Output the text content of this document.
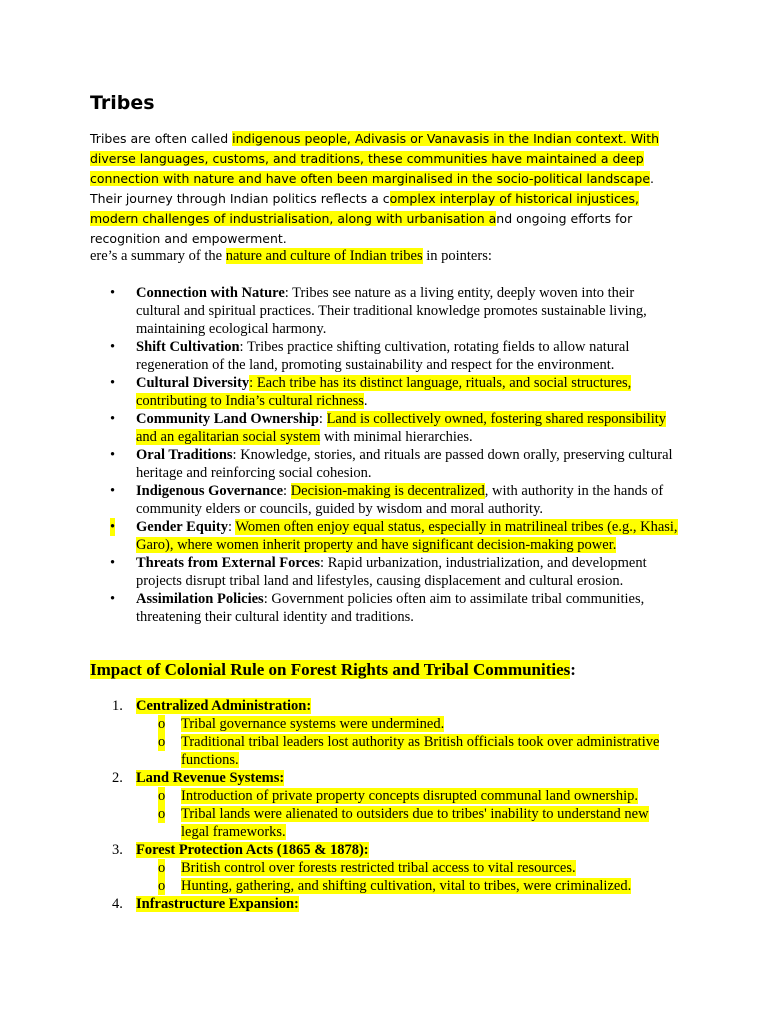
Tribes

Tribes are often called indigenous people, Adivasis or Vanavasis in the Indian context. With diverse languages, customs, and traditions, these communities have maintained a deep connection with nature and have often been marginalised in the socio-political landscape. Their journey through Indian politics reflects a complex interplay of historical injustices, modern challenges of industrialisation, along with urbanisation and ongoing efforts for recognition and empowerment.

ere’s a summary of the nature and culture of Indian tribes in pointers:

• Connection with Nature: Tribes see nature as a living entity, deeply woven into their cultural and spiritual practices. Their traditional knowledge promotes sustainable living, maintaining ecological harmony.
• Shift Cultivation: Tribes practice shifting cultivation, rotating fields to allow natural regeneration of the land, promoting sustainability and respect for the environment.
• Cultural Diversity: Each tribe has its distinct language, rituals, and social structures, contributing to India’s cultural richness.
• Community Land Ownership: Land is collectively owned, fostering shared responsibility and an egalitarian social system with minimal hierarchies.
• Oral Traditions: Knowledge, stories, and rituals are passed down orally, preserving cultural heritage and reinforcing social cohesion.
• Indigenous Governance: Decision-making is decentralized, with authority in the hands of community elders or councils, guided by wisdom and moral authority.
• Gender Equity: Women often enjoy equal status, especially in matrilineal tribes (e.g., Khasi, Garo), where women inherit property and have significant decision-making power.
• Threats from External Forces: Rapid urbanization, industrialization, and development projects disrupt tribal land and lifestyles, causing displacement and cultural erosion.
• Assimilation Policies: Government policies often aim to assimilate tribal communities, threatening their cultural identity and traditions.
Impact of Colonial Rule on Forest Rights and Tribal Communities:
1. Centralized Administration:
o Tribal governance systems were undermined.
o Traditional tribal leaders lost authority as British officials took over administrative functions.
2. Land Revenue Systems:
o Introduction of private property concepts disrupted communal land ownership.
o Tribal lands were alienated to outsiders due to tribes' inability to understand new legal frameworks.
3. Forest Protection Acts (1865 & 1878):
o British control over forests restricted tribal access to vital resources.
o Hunting, gathering, and shifting cultivation, vital to tribes, were criminalized.
4. Infrastructure Expansion:
